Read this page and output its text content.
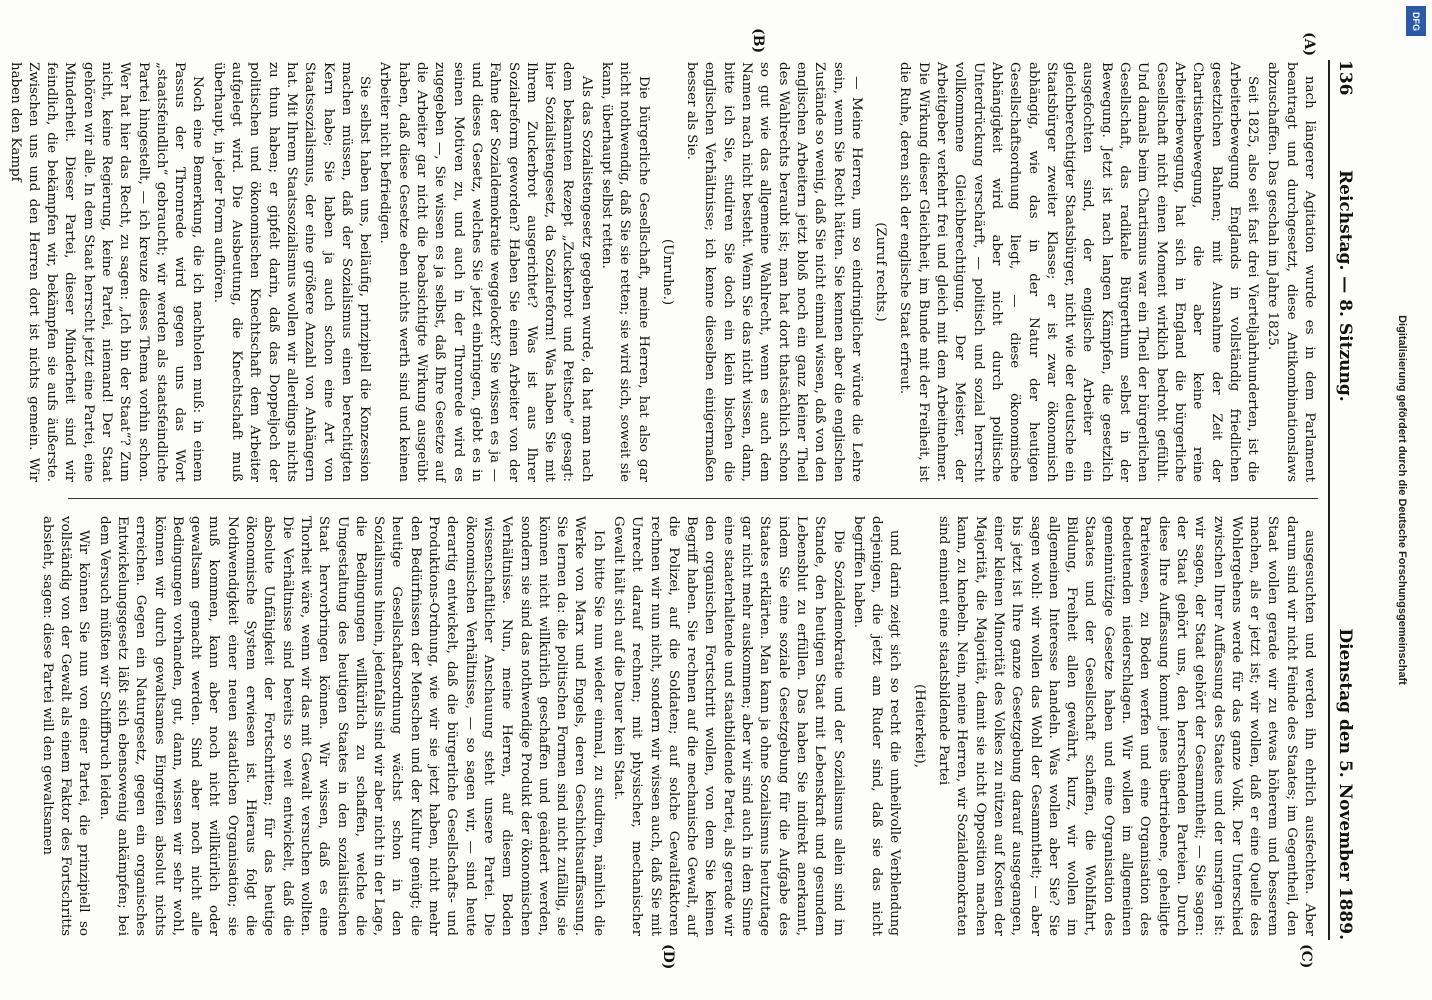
136
Reichstag. — 8. Sitzung.
Dienstag den 5. November 1889.
(A)

nach längerer Agitation wurde es in dem Parlament beantragt und durchgesetzt, diese Antikombinationslaws abzuschaffen. Das geschah im Jahre 1825.

Seit 1825, also seit fast drei Vierteljahrhunderten, ist die Arbeiterbewegung Englands in vollständig friedlichen gesetzlichen Bahnen; mit Ausnahme der Zeit der Chartistenbewegung, die aber keine reine Arbeiterbewegung, hat sich in England die bürgerliche Gesellschaft nicht einen Moment wirklich bedroht gefühlt. Und damals beim Chartismus war ein Theil der bürgerlichen Gesellschaft, das radikale Bürgerthum selbst in der Bewegung. Jetzt ist nach langen Kämpfen, die gesetzlich ausgefochten sind, der englische Arbeiter ein gleichberechtigter Staatsbürger, nicht wie der deutsche ein Staatsbürger zweiter Klasse; er ist zwar ökonomisch abhängig, wie das in der Natur der heutigen Gesellschaftsordnung liegt, — diese ökonomische Abhängigkeit wird aber nicht durch politische Unterdrückung verschärft, — politisch und sozial herrscht vollkommene Gleichberechtigung. Der Meister, der Arbeitgeber verkehrt frei und gleich mit dem Arbeitnehmer. Die Wirkung dieser Gleichheit, im Bunde mit der Freiheit, ist die Ruhe, deren sich der englische Staat erfreut.

(Zuruf rechts.)

— Meine Herren, um so eindringlicher würde die Lehre sein, wenn Sie Recht hätten. Sie kennen aber die englischen Zustände so wenig, daß Sie nicht einmal wissen, daß von den englischen Arbeitern jetzt bloß noch ein ganz kleiner Theil des Wahlrechts beraubt ist; man hat dort thatsächlich schon so gut wie das allgemeine Wahlrecht, wenn es auch dem Namen nach nicht besteht. Wenn Sie das nicht wissen, dann, bitte ich Sie, studiren Sie doch ein klein bischen die englischen Verhältnisse; ich kenne dieselben einigermaßen besser als Sie.

(Unruhe.)

Die bürgerliche Gesellschaft, meine Herren, hat also gar nicht nothwendig, daß Sie sie retten; sie wird sich, soweit sie kann, überhaupt selbst retten.

Als das Sozialistengesetz gegeben wurde, da hat man nach dem bekannten Rezept „Zuckerbrot und Peitsche“ gesagt: hier Sozialistengesetz, da Sozialreform! Was haben Sie mit Ihrem Zuckerbrot ausgerichtet? Was ist aus Ihrer Sozialreform geworden? Haben Sie einen Arbeiter von der Fahne der Sozialdemokratie weggelockt? Sie wissen es ja — und dieses Gesetz, welches Sie jetzt einbringen, giebt es in seinen Motiven zu, und auch in der Thronrede wird es zugegeben —, Sie wissen es ja selbst, daß Ihre Gesetze auf die Arbeiter gar nicht die beabsichtigte Wirkung ausgeübt haben, daß diese Gesetze eben nichts werth sind und keinen Arbeiter nicht befriedigen.

Sie selbst haben uns, beiläufig, prinzipiell die Konzession machen müssen, daß der Sozialismus einen berechtigten Kern habe; Sie haben ja auch schon eine Art von Staatssozialismus, der eine größere Anzahl von Anhängern hat. Mit Ihrem Staatssozialismus wollen wir allerdings nichts zu thun haben; er gipfelt darin, daß das Doppeljoch der politischen und ökonomischen Knechtschaft dem Arbeiter aufgelegt wird. Die Ausbeutung, die Knechtschaft muß überhaupt, in jeder Form aufhören.

Noch eine Bemerkung, die ich nachholen muß: in einem Passus der Thronrede wird gegen uns das Wort „staatsfeindlich“ gebraucht; wir werden als staatsfeindliche Partei hingestellt, — ich kreuze dieses Thema vorhin schon. Wer hat hier das Recht, zu sagen: „Ich bin der Staat“? Zum nicht, keine Regierung, keine Partei, niemand! Der Staat gehören wir alle. In dem Staat herrscht jetzt eine Partei, eine Minderheit. Dieser Partei, dieser Minderheit sind wir feindlich, die bekämpfen wir, bekämpfen sie aufs äußerste. Zwischen uns und den Herren dort ist nichts gemein. Wir haben den Kampf

(B)

ausgesuchten und werden ihn ehrlich ausfechten. Aber darum sind wir nicht Feinde des Staates; im Gegentheil, den Staat wollen gerade wir zu etwas höherem und besserem machen, als er jetzt ist; wir wollen, daß er eine Quelle des Wohlergehens werde für das ganze Volk. Der Unterschied zwischen Ihrer Auffassung des Staates und der unsrigen ist: wir sagen, der Staat gehört der Gesammtheit; — Sie sagen: der Staat gehört uns, den herrschenden Parteien. Durch diese Ihre Auffassung kommt jenes übertriebene, geheiligte Parteiwesen, zu Boden werfen und eine Organisation des bedeutenden niederschlagen. Wir wollen im allgemeinen gemeinnützige Gesetze haben und eine Organisation des Staates und der Gesellschaft schaffen, die Wohlfahrt, Bildung, Freiheit allen gewährt, kurz, wir wollen im allgemeinen Interesse handeln. Was wollen aber Sie? Sie sagen wohl: wir wollen das Wohl der Gesammtheit; — aber bis jetzt ist Ihre ganze Gesetzgebung darauf ausgegangen, einer kleinen Minorität des Volkes zu nützen auf Kosten der Majorität, die Majorität, damit sie nicht Opposition machen kann, zu knebeln. Nein, meine Herren, wir Sozialdemokraten sind eminent eine staatsbildende Partei

(Heiterkeit),

und darin zeigt sich so recht die unheilvolle Verblendung derjenigen, die jetzt am Ruder sind, daß sie das nicht begriffen haben.

Die Sozialdemokratie und der Sozialismus allein sind im Stande, den heutigen Staat mit Lebenskraft und gesundem Lebensblut zu erfüllen. Das haben Sie indirekt anerkannt, indem Sie eine soziale Gesetzgebung für die Aufgabe des Staates erklärten. Man kann ja ohne Sozialismus heutzutage gar nicht mehr auskommen; aber wir sind auch in dem Sinne eine staaterhaltende und staatbildende Partei, als gerade wir den organischen Fortschritt wollen, von dem Sie keinen Begriff haben. Sie rechnen auf die mechanische Gewalt, auf die Polizei, auf die Soldaten; auf solche Gewaltfaktoren rechnen wir nun nicht, sondern wir wissen auch, daß Sie mit Unrecht darauf rechnen; mit physischer, mechanischer Gewalt hält sich auf die Dauer kein Staat.

Ich bitte Sie nun wieder einmal, zu studiren, nämlich die Werke von Marx und Engels, deren Geschichtsauffassung. Sie lernen da: die politischen Formen sind nicht zufällig, sie können nicht willkürlich geschaffen und geändert werden, sondern sie sind das nothwendige Produkt der ökonomischen Verhältnisse. Nun, meine Herren, auf diesem Boden wissenschaftlicher Anschauung steht unsere Partei. Die ökonomischen Verhältnisse, — so sagen wir, — sind heute derartig entwickelt, daß die bürgerliche Gesellschafts- und Produktions-Ordnung, wie wir sie jetzt haben, nicht mehr den Bedürfnissen der Menschen und der Kultur genügt; die heutige Gesellschaftsordnung wächst schon in den Sozialismus hinein, jedenfalls sind wir aber nicht in der Lage, die Bedingungen willkürlich zu schaffen, welche die Umgestaltung des heutigen Staates in den sozialistischen Staat hervorbringen können. Wir wissen, daß es eine Thorheit wäre, wenn wir das mit Gewalt versuchen wollten. Die Verhältnisse sind bereits so weit entwickelt, daß die absolute Unfähigkeit der Fortschritten; für das heutige ökonomische System erwiesen ist. Hieraus folgt die Nothwendigkeit einer neuen staatlichen Organisation; sie muß kommen, kann aber noch nicht willkürlich oder gewaltsam gemacht werden. Sind aber noch nicht alle Bedingungen vorhanden, gut, dann, wissen wir sehr wohl, können wir durch gewaltsames Eingreifen absolut nichts erreichen. Gegen ein Naturgesetz, gegen ein organisches Entwickelungsgesetz läßt sich ebensowenig ankämpfen; bei dem Versuch müßten wir Schiffbruch leiden.

Wir können Sie nun von einer Partei, die prinzipiell so vollständig von der Gewalt als einem Faktor des Fortschritts absieht, sagen: diese Partei will den gewaltsamen

(C)
(D)
Digitalisierung gefördert durch die Deutsche Forschungsgemeinschaft
DFG
